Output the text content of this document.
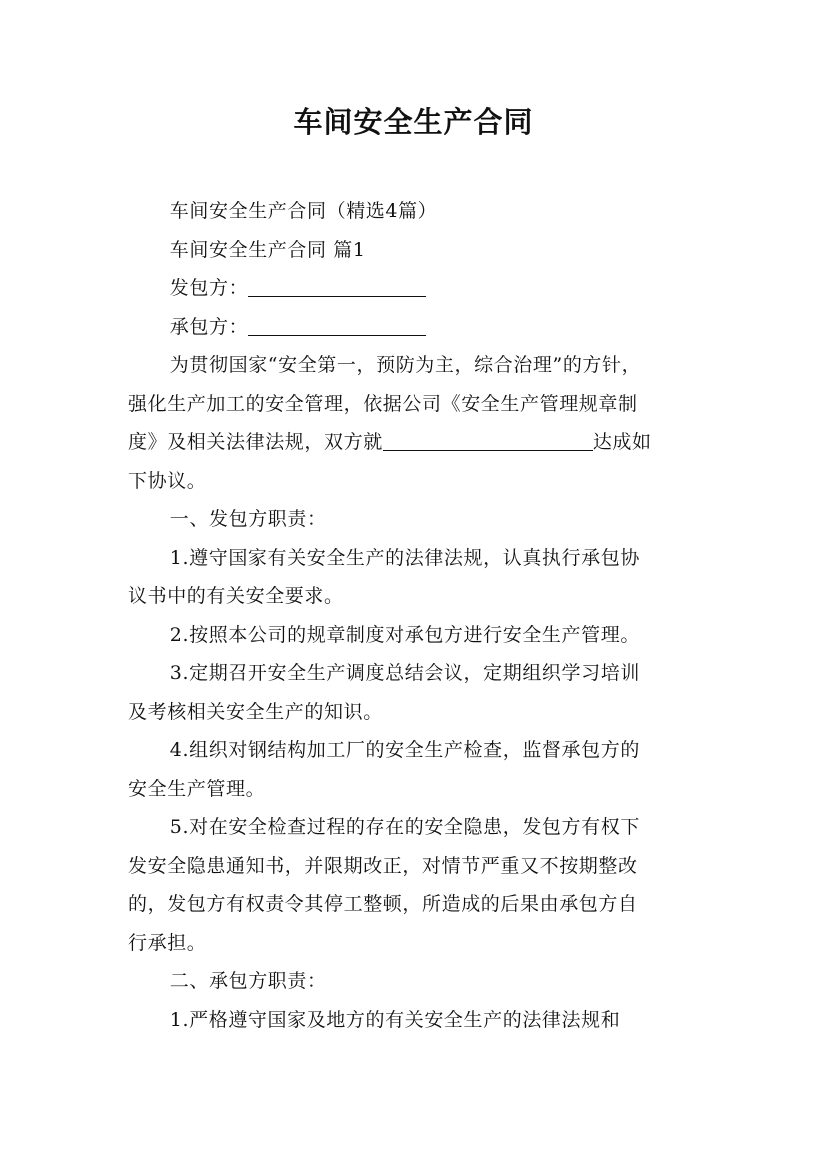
车间安全生产合同

车间安全生产合同（精选4篇）

车间安全生产合同 篇1

发包方：

承包方：

为贯彻国家“安全第一，预防为主，综合治理”的方针，

强化生产加工的安全管理，依据公司《安全生产管理规章制

度》及相关法律法规，双方就	达成如

下协议。

一、发包方职责：

1.遵守国家有关安全生产的法律法规，认真执行承包协

议书中的有关安全要求。

2.按照本公司的规章制度对承包方进行安全生产管理。

3.定期召开安全生产调度总结会议，定期组织学习培训

及考核相关安全生产的知识。

4.组织对钢结构加工厂的安全生产检查，监督承包方的

安全生产管理。

5.对在安全检查过程的存在的安全隐患，发包方有权下

发安全隐患通知书，并限期改正，对情节严重又不按期整改

的，发包方有权责令其停工整顿，所造成的后果由承包方自

行承担。

二、承包方职责：

1.严格遵守国家及地方的有关安全生产的法律法规和
